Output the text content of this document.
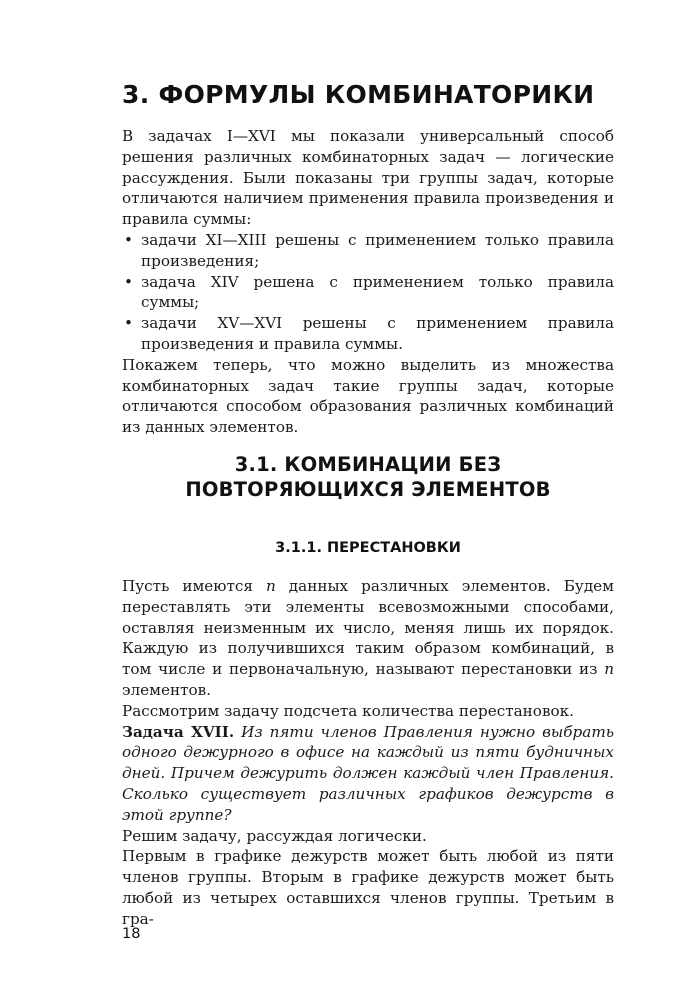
3. ФОРМУЛЫ КОМБИНАТОРИКИ

В задачах I—XVI мы показали универсальный способ решения различных комбинаторных задач — логические рассуждения. Были показаны три группы задач, которые отличаются наличием применения правила произведения и правила суммы:

• задачи XI—XIII решены с применением только правила произведения;
• задача XIV решена с применением только правила суммы;
• задачи XV—XVI решены с применением правила произведения и правила суммы.

Покажем теперь, что можно выделить из множества комбинаторных задач такие группы задач, которые отличаются способом образования различных комбинаций из данных элементов.

3.1. КОМБИНАЦИИ БЕЗ ПОВТОРЯЮЩИХСЯ ЭЛЕМЕНТОВ
3.1.1. ПЕРЕСТАНОВКИ

Пусть имеются n данных различных элементов. Будем переставлять эти элементы всевозможными способами, оставляя неизменным их число, меняя лишь их порядок. Каждую из получившихся таким образом комбинаций, в том числе и первоначальную, называют перестановки из n элементов.

Рассмотрим задачу подсчета количества перестановок.

Задача XVII. Из пяти членов Правления нужно выбрать одного дежурного в офисе на каждый из пяти будничных дней. Причем дежурить должен каждый член Правления. Сколько существует различных графиков дежурств в этой группе?

Решим задачу, рассуждая логически.

Первым в графике дежурств может быть любой из пяти членов группы. Вторым в графике дежурств может быть любой из четырех оставшихся членов группы. Третьим в гра-

18
